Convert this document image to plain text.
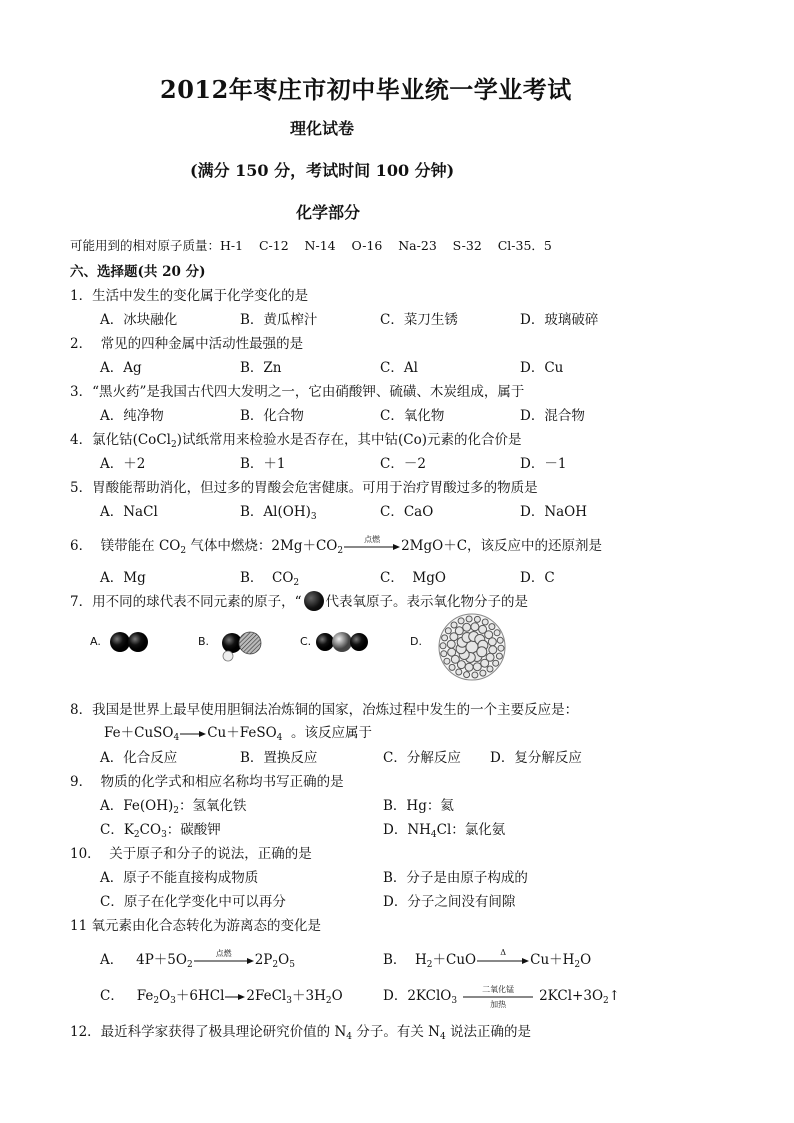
2012年枣庄市初中毕业统一学业考试
理化试卷
(满分 150 分，考试时间 100 分钟)
化学部分
可能用到的相对原子质量：H-1    C-12    N-14    O-16    Na-23    S-32    Cl-35．5
六、选择题(共 20 分)
1．生活中发生的变化属于化学变化的是
A．冰块融化	B．黄瓜榨汁	C．菜刀生锈	D．玻璃破碎
2．  常见的四种金属中活动性最强的是
A．Ag	B．Zn	C．Al	D．Cu
3．“黑火药”是我国古代四大发明之一，它由硝酸钾、硫磺、木炭组成，属于
A．纯净物	B．化合物	C．氧化物	D．混合物
4．氯化钴(CoCl$_2$)试纸常用来检验水是否存在，其中钴(Co)元素的化合价是
A．＋2	B．＋1	C．－2	D．－1
5．胃酸能帮助消化，但过多的胃酸会危害健康。可用于治疗胃酸过多的物质是
A．NaCl	B．$Al(OH)_3$	C．CaO	D．NaOH
6．  镁带能在 $CO_2$ 气体中燃烧：$2Mg+CO_2$
点燃	2MgO＋C，该反应中的还原剂是
A．Mg	B．  $CO_2$	C．  MgO	D．C
7．用不同的球代表不同元素的原子，“ 代表氧原子。表示氧化物分子的是
A.	B.	C.	D.
8．我国是世界上最早使用胆铜法冶炼铜的国家，冶炼过程中发生的一个主要反应是：
Fe＋CuSO$_4$→Cu＋FeSO$_4$  。该反应属于
A．化合反应	B．置换反应	C．分解反应 D．复分解反应
9．  物质的化学式和相应名称均书写正确的是
A．$Fe(OH)_2$：氢氧化铁	B．Hg：氦
C．$K_2CO_3$：碳酸钾	D．$NH_4Cl$：氯化氨
10．  关于原子和分子的说法，正确的是
A．原子不能直接构成物质	B．分子是由原子构成的
C．原子在化学变化中可以再分	D．分子之间没有间隙
11 氧元素由化合态转化为游离态的变化是
A．   $4P+5O_2$
点燃	$2P_2O_5$	B．  $H_2+CuO$	Δ	$Cu+H_2O$
C．   $Fe_2O_3+6HCl\to 2FeCl_3+3H_2O$	D．2KClO$_3$
二氧化锰
加热	$2KCl+3O_2↑$
12．最近科学家获得了极具理论研究价值的 $N_4$ 分子。有关 $N_4$ 说法正确的是
